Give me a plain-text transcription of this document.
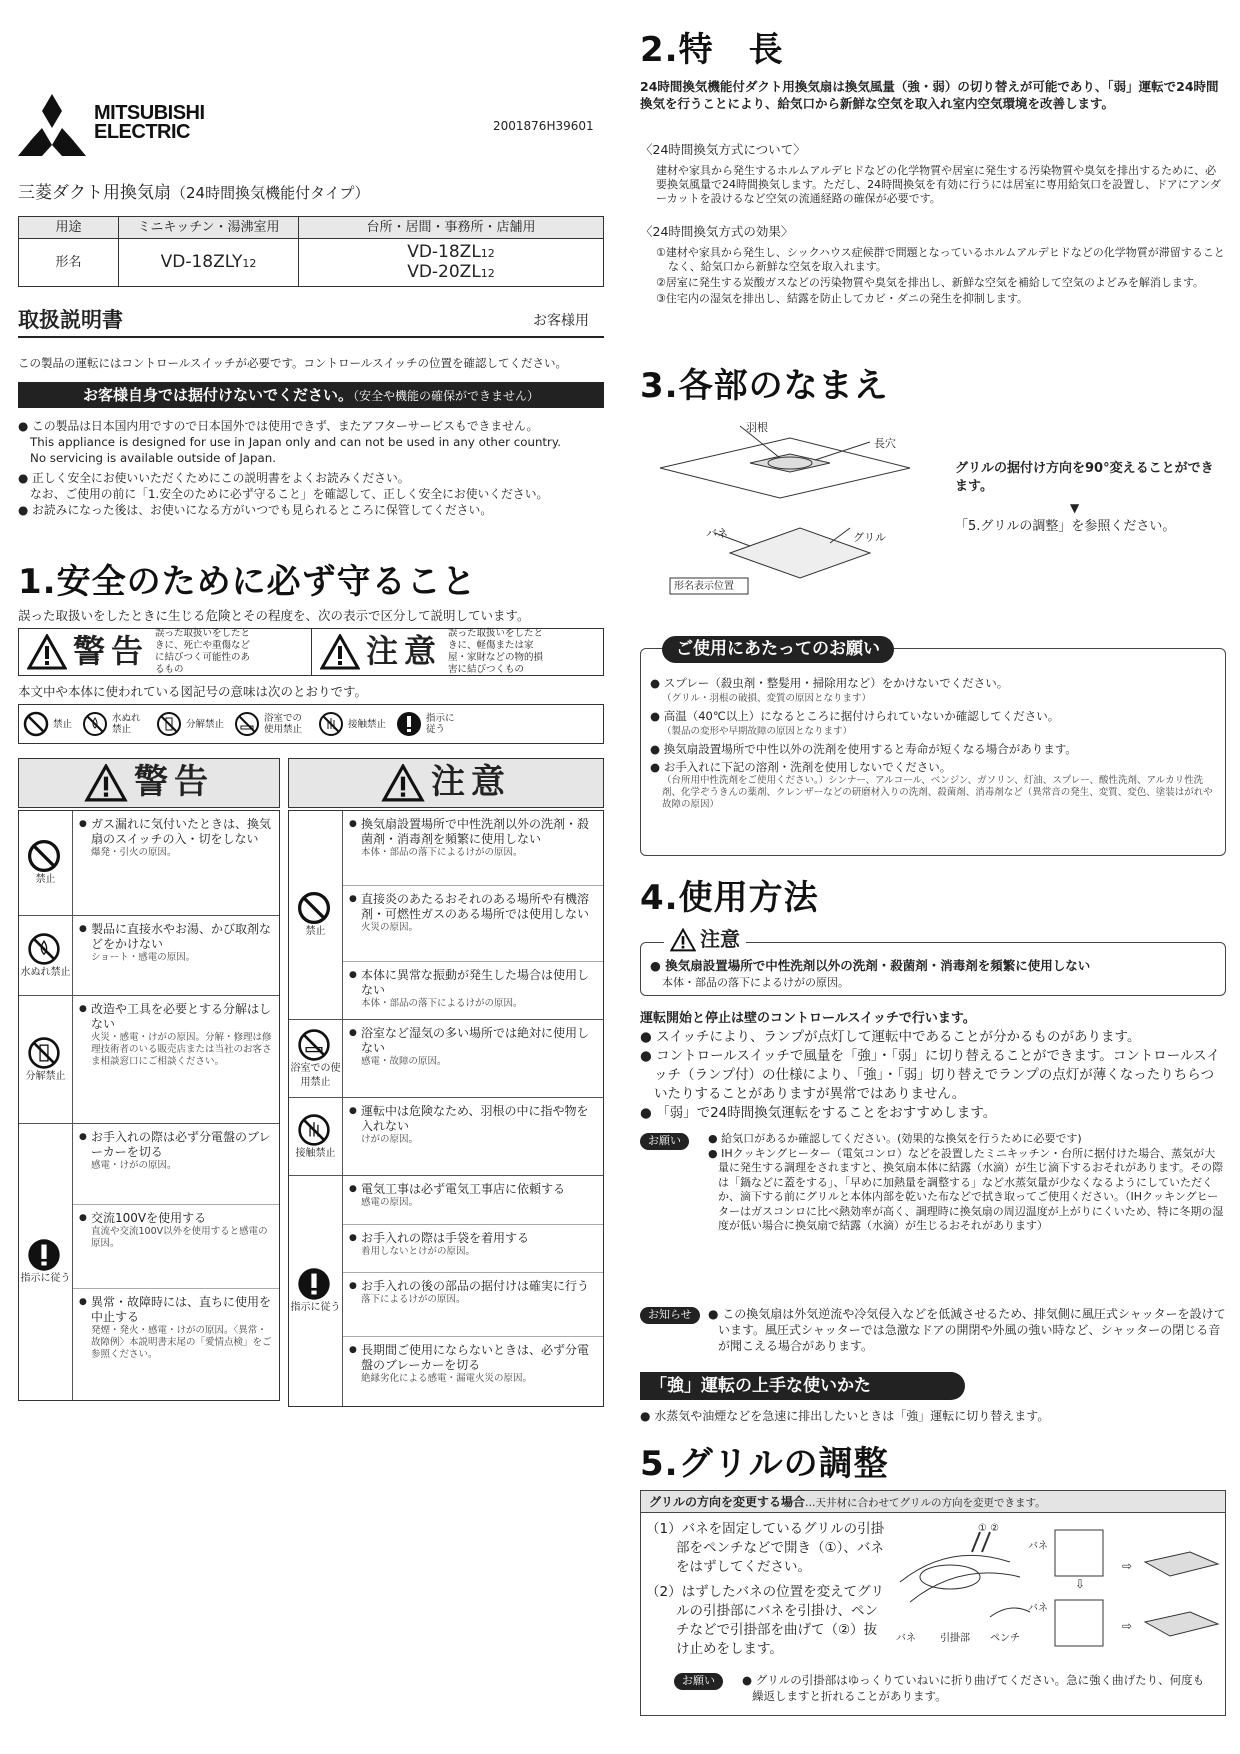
MITSUBISHI
ELECTRIC	2001876H39601
三菱ダクト用換気扇（24時間換気機能付タイプ）
用途	ミニキッチン・湯沸室用	台所・居間・事務所・店舗用
形名	VD-18ZLY12	VD-18ZL12
VD-20ZL12
取扱説明書	お客様用
この製品の運転にはコントロールスイッチが必要です。コントロールスイッチの位置を確認してください。
お客様自身では据付けないでください。（安全や機能の確保ができません）

● この製品は日本国内用ですので日本国外では使用できず、またアフターサービスもできません。

This appliance is designed for use in Japan only and can not be used in any other country.

No servicing is available outside of Japan.

● 正しく安全にお使いいただくためにこの説明書をよくお読みください。

なお、ご使用の前に「1.安全のために必ず守ること」を確認して、正しく安全にお使いください。

● お読みになった後は、お使いになる方がいつでも見られるところに保管してください。

1.安全のために必ず守ること
誤った取扱いをしたときに生じる危険とその程度を、次の表示で区分して説明しています。
警告 誤った取扱いをしたときに、死亡や重傷などに結びつく可能性のあるもの	注意 誤った取扱いをしたときに、軽傷または家屋・家財などの物的損害に結びつくもの
本文中や本体に使われている図記号の意味は次のとおりです。
禁止	水ぬれ禁止	分解禁止	浴室での使用禁止	接触禁止	指示に従う
警告
禁止
● ガス漏れに気付いたときは、換気扇のスイッチの入・切をしない
爆発・引火の原因。
水ぬれ禁止
● 製品に直接水やお湯、かび取剤などをかけない
ショート・感電の原因。
分解禁止
● 改造や工具を必要とする分解はしない
火災・感電・けがの原因。分解・修理は修理技術者のいる販売店または当社のお客さま相談窓口にご相談ください。
指示に従う
● お手入れの際は必ず分電盤のブレーカーを切る
感電・けがの原因。
● 交流100Vを使用する
直流や交流100V以外を使用すると感電の原因。
● 異常・故障時には、直ちに使用を中止する
発煙・発火・感電・けがの原因。〈異常・故障例〉本説明書末尾の「愛情点検」をご参照ください。
注意
禁止
● 換気扇設置場所で中性洗剤以外の洗剤・殺菌剤・消毒剤を頻繁に使用しない
本体・部品の落下によるけがの原因。
● 直接炎のあたるおそれのある場所や有機溶剤・可燃性ガスのある場所では使用しない
火災の原因。
● 本体に異常な振動が発生した場合は使用しない
本体・部品の落下によるけがの原因。
浴室での使用禁止
● 浴室など湿気の多い場所では絶対に使用しない
感電・故障の原因。
接触禁止
● 運転中は危険なため、羽根の中に指や物を入れない
けがの原因。
指示に従う
● 電気工事は必ず電気工事店に依頼する
感電の原因。
● お手入れの際は手袋を着用する
着用しないとけがの原因。
● お手入れの後の部品の据付けは確実に行う
落下によるけがの原因。
● 長期間ご使用にならないときは、必ず分電盤のブレーカーを切る
絶縁劣化による感電・漏電火災の原因。
2.特　長
24時間換気機能付ダクト用換気扇は換気風量（強・弱）の切り替えが可能であり、「弱」運転で24時間換気を行うことにより、給気口から新鮮な空気を取入れ室内空気環境を改善します。
〈24時間換気方式について〉
建材や家具から発生するホルムアルデヒドなどの化学物質や居室に発生する汚染物質や臭気を排出するために、必要換気風量で24時間換気します。ただし、24時間換気を有効に行うには居室に専用給気口を設置し、ドアにアンダーカットを設けるなど空気の流通経路の確保が必要です。
〈24時間換気方式の効果〉

①建材や家具から発生し、シックハウス症候群で問題となっているホルムアルデヒドなどの化学物質が滞留することなく、給気口から新鮮な空気を取入れます。

②居室に発生する炭酸ガスなどの汚染物質や臭気を排出し、新鮮な空気を補給して空気のよどみを解消します。

③住宅内の湿気を排出し、結露を防止してカビ・ダニの発生を抑制します。

3.各部のなまえ
羽根
長穴
バネ	グリル
形名表示位置
グリルの据付け方向を90°変えることができます。
▼
「5.グリルの調整」を参照ください。
ご使用にあたってのお願い
● スプレー（殺虫剤・整髪用・掃除用など）をかけないでください。
（グリル・羽根の破損、変質の原因となります）
● 高温（40℃以上）になるところに据付けられていないか確認してください。
（製品の変形や早期故障の原因となります）
● 換気扇設置場所で中性以外の洗剤を使用すると寿命が短くなる場合があります。
● お手入れに下記の溶剤・洗剤を使用しないでください。
（台所用中性洗剤をご使用ください。）シンナー、アルコール、ベンジン、ガソリン、灯油、スプレー、酸性洗剤、アルカリ性洗剤、化学ぞうきんの薬剤、クレンザーなどの研磨材入りの洗剤、殺菌剤、消毒剤など（異常音の発生、変質、変色、塗装はがれや故障の原因）
4.使用方法
注意
● 換気扇設置場所で中性洗剤以外の洗剤・殺菌剤・消毒剤を頻繁に使用しない
本体・部品の落下によるけがの原因。
運転開始と停止は壁のコントロールスイッチで行います。

● スイッチにより、ランプが点灯して運転中であることが分かるものがあります。

● コントロールスイッチで風量を「強」・「弱」に切り替えることができます。コントロールスイッチ（ランプ付）の仕様により、「強」・「弱」切り替えでランプの点灯が薄くなったりちらついたりすることがありますが異常ではありません。

● 「弱」で24時間換気運転をすることをおすすめします。

お願い	● 給気口があるか確認してください。(効果的な換気を行うために必要です)

● IHクッキングヒーター（電気コンロ）などを設置したミニキッチン・台所に据付けた場合、蒸気が大量に発生する調理をされますと、換気扇本体に結露（水滴）が生じ滴下するおそれがあります。その際は「鍋などに蓋をする」、「早めに加熱量を調整する」など水蒸気量が少なくなるようにしていただくか、滴下する前にグリルと本体内部を乾いた布などで拭き取ってご使用ください。（IHクッキングヒーターはガスコンロに比べ熱効率が高く、調理時に換気扇の周辺温度が上がりにくいため、特に冬期の湿度が低い場合に換気扇で結露（水滴）が生じるおそれがあります）

お知らせ	● この換気扇は外気逆流や冷気侵入などを低減させるため、排気側に風圧式シャッターを設けています。風圧式シャッターでは急激なドアの開閉や外風の強い時など、シャッターの閉じる音が聞こえる場合があります。
「強」運転の上手な使いかた
● 水蒸気や油煙などを急速に排出したいときは「強」運転に切り替えます。
5.グリルの調整
グリルの方向を変更する場合…天井材に合わせてグリルの方向を変更できます。

（1）バネを固定しているグリルの引掛部をペンチなどで開き（①）、バネをはずしてください。

（2）はずしたバネの位置を変えてグリルの引掛部にバネを引掛け、ペンチなどで引掛部を曲げて（②）抜け止めをします。

⇩
⇨
⇨
① ②
バネ
バネ
バネ 引掛部 ペンチ
お願い	● グリルの引掛部はゆっくりていねいに折り曲げてください。急に強く曲げたり、何度も繰返しますと折れることがあります。
